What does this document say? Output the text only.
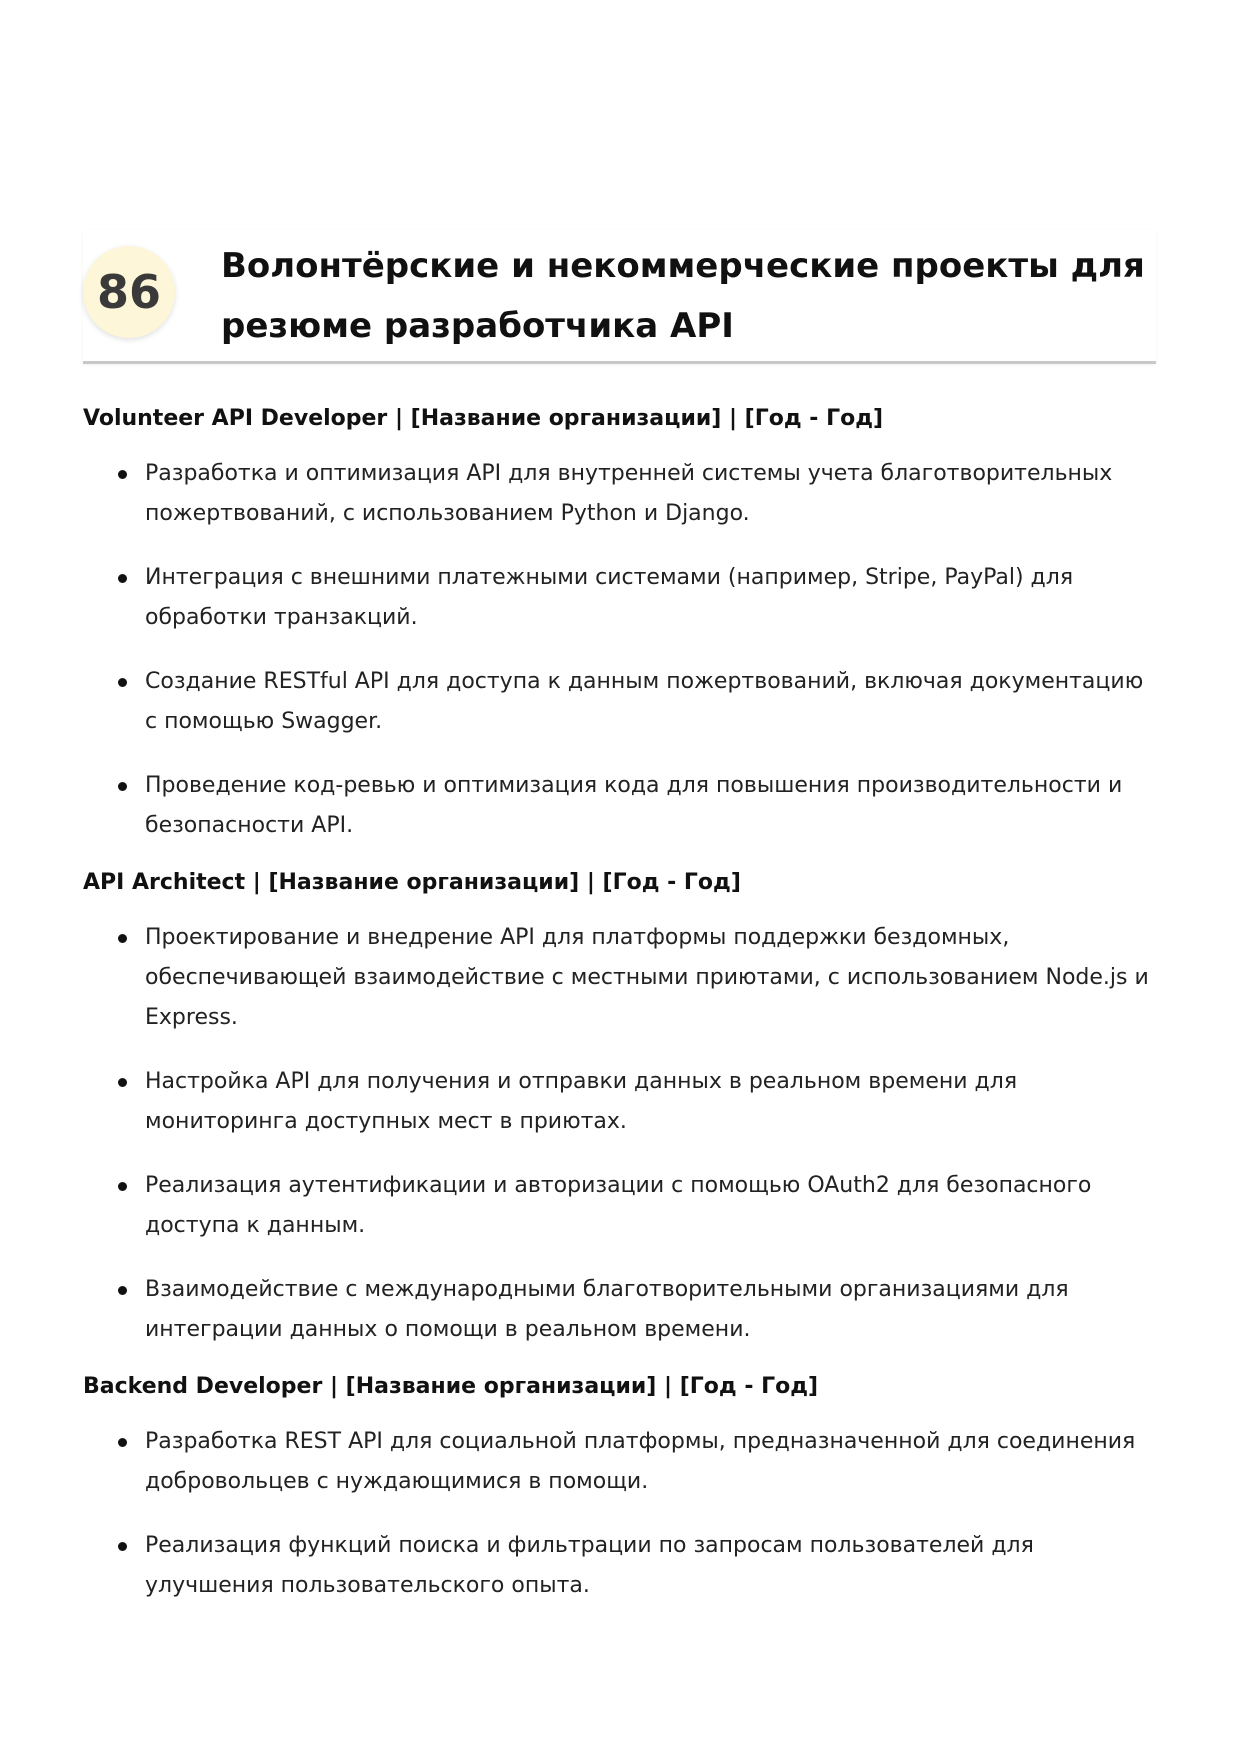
86	Волонтёрские и некоммерческие проекты для резюме разработчика API
Volunteer API Developer | [Название организации] | [Год - Год]
Разработка и оптимизация API для внутренней системы учета благотворительных пожертвований, с использованием Python и Django.
Интеграция с внешними платежными системами (например, Stripe, PayPal) для обработки транзакций.
Создание RESTful API для доступа к данным пожертвований, включая документацию с помощью Swagger.
Проведение код-ревью и оптимизация кода для повышения производительности и безопасности API.
API Architect | [Название организации] | [Год - Год]
Проектирование и внедрение API для платформы поддержки бездомных, обеспечивающей взаимодействие с местными приютами, с использованием Node.js и Express.
Настройка API для получения и отправки данных в реальном времени для мониторинга доступных мест в приютах.
Реализация аутентификации и авторизации с помощью OAuth2 для безопасного доступа к данным.
Взаимодействие с международными благотворительными организациями для интеграции данных о помощи в реальном времени.
Backend Developer | [Название организации] | [Год - Год]
Разработка REST API для социальной платформы, предназначенной для соединения добровольцев с нуждающимися в помощи.
Реализация функций поиска и фильтрации по запросам пользователей для улучшения пользовательского опыта.
